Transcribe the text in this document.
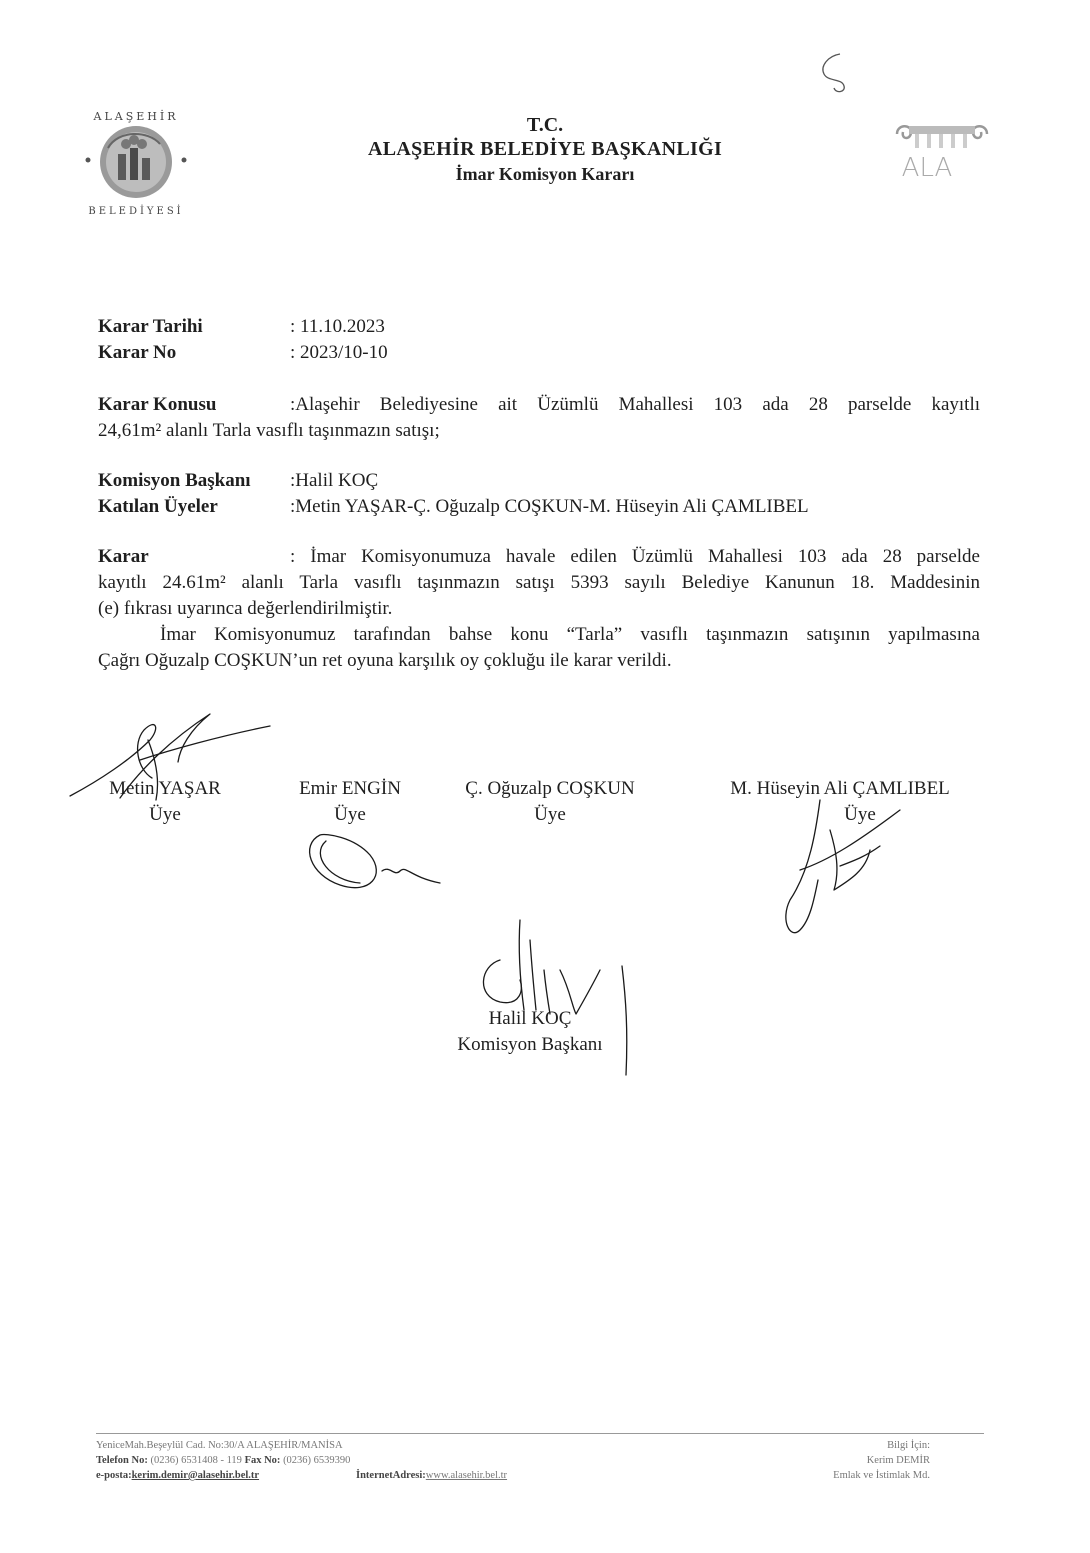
ALAŞEHİR
BELEDİYESİ
ALA
T.C.
ALAŞEHİR BELEDİYE BAŞKANLIĞI
İmar Komisyon Kararı
Karar Tarihi	: 11.10.2023
Karar No	: 2023/10-10
Karar Konusu	:Alaşehir Belediyesine ait Üzümlü Mahallesi 103 ada 28 parselde kayıtlı
24,61m² alanlı Tarla vasıflı taşınmazın satışı;
Komisyon Başkanı :Halil KOÇ
Katılan Üyeler	:Metin YAŞAR-Ç. Oğuzalp COŞKUN-M. Hüseyin Ali ÇAMLIBEL
Karar	: İmar Komisyonumuza havale edilen Üzümlü Mahallesi 103 ada 28 parselde
kayıtlı 24.61m² alanlı Tarla vasıflı taşınmazın satışı 5393 sayılı Belediye Kanunun 18. Maddesinin
(e) fıkrası uyarınca değerlendirilmiştir.
İmar Komisyonumuz tarafından bahse konu “Tarla” vasıflı taşınmazın satışının yapılmasına
Çağrı Oğuzalp COŞKUN’un ret oyuna karşılık oy çokluğu ile karar verildi.
Metin YAŞAR
Üye
Emir ENGİN
Üye
Ç. Oğuzalp COŞKUN
Üye
M. Hüseyin Ali ÇAMLIBEL
Üye
Halil KOÇ
Komisyon Başkanı
YeniceMah.Beşeylül Cad. No:30/A ALAŞEHİR/MANİSA
Telefon No: (0236) 6531408 - 119 Fax No: (0236) 6539390
e-posta:kerim.demir@alasehir.bel.tr	İnternetAdresi:www.alasehir.bel.tr
Bilgi İçin:
Kerim DEMİR
Emlak ve İstimlak Md.
